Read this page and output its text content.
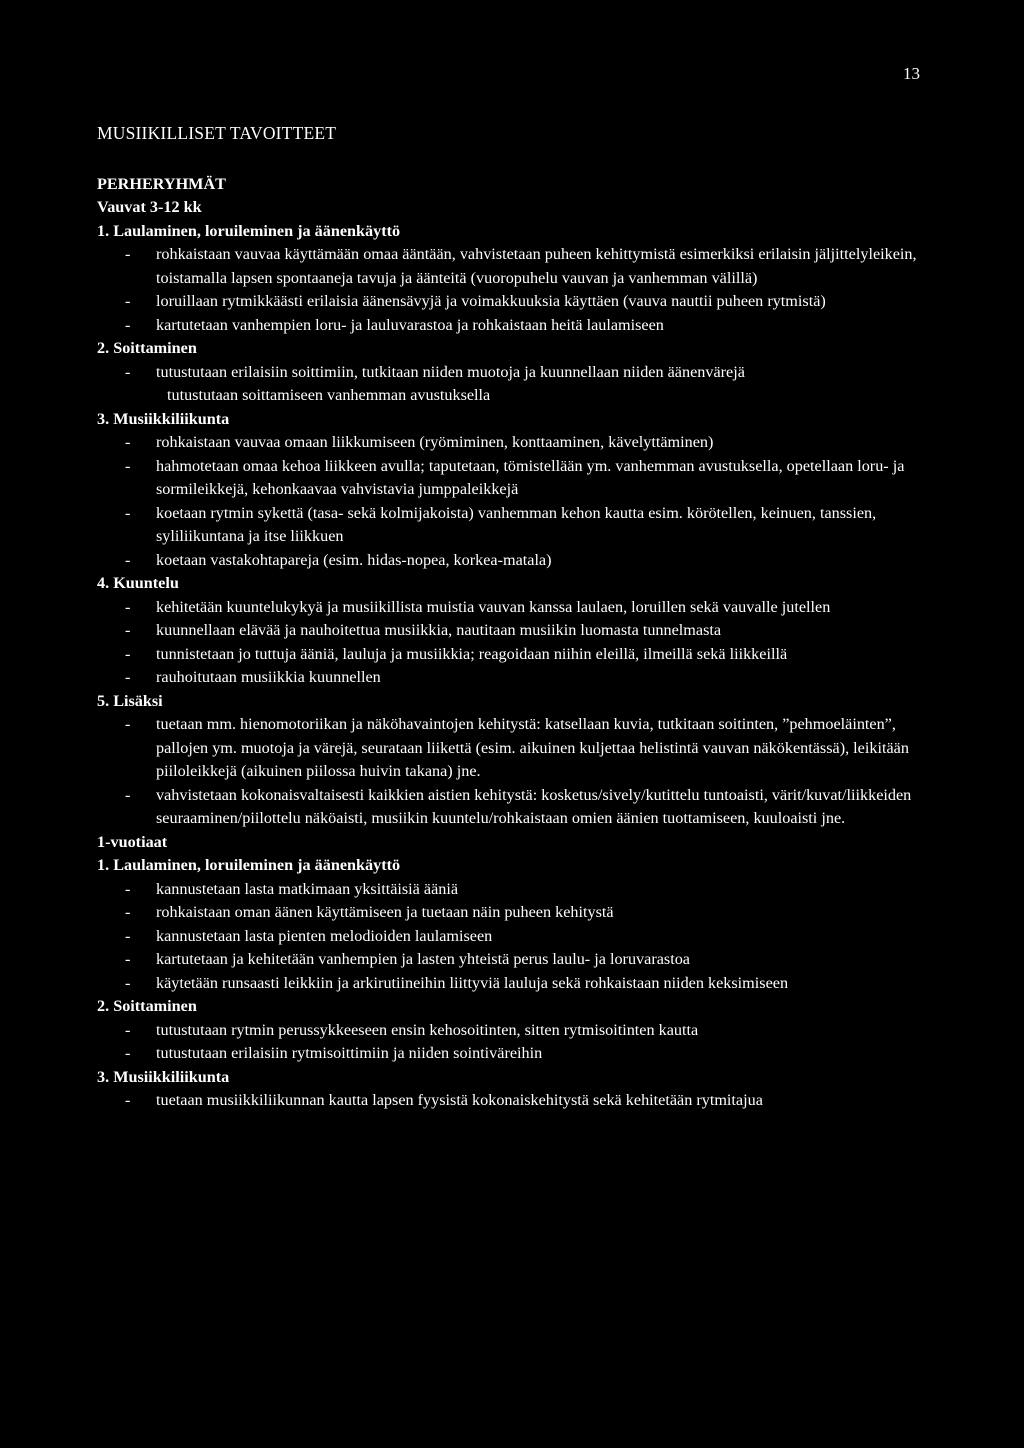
13
MUSIIKILLISET TAVOITTEET
PERHERYHMÄT
Vauvat 3-12 kk
1. Laulaminen, loruileminen ja äänenkäyttö
- rohkaistaan vauvaa käyttämään omaa ääntään, vahvistetaan puheen kehittymistä esimerkiksi erilaisin jäljittelyleikein, toistamalla lapsen spontaaneja tavuja ja äänteitä (vuoropuhelu vauvan ja vanhemman välillä)
- loruillaan rytmikkäästi erilaisia äänensävyjä ja voimakkuuksia käyttäen (vauva nauttii puheen rytmistä)
- kartutetaan vanhempien loru- ja lauluvarastoa ja rohkaistaan heitä laulamiseen
2. Soittaminen
- tutustutaan erilaisiin soittimiin, tutkitaan niiden muotoja ja kuunnellaan niiden äänenvärejä
tutustutaan soittamiseen vanhemman avustuksella
3. Musiikkiliikunta
- rohkaistaan vauvaa omaan liikkumiseen (ryömiminen, konttaaminen, kävelyttäminen)
- hahmotetaan omaa kehoa liikkeen avulla; taputetaan, tömistellään ym. vanhemman avustuksella, opetellaan loru- ja sormileikkejä, kehonkaavaa vahvistavia jumppaleikkejä
- koetaan rytmin sykettä (tasa- sekä kolmijakoista) vanhemman kehon kautta esim. körötellen, keinuen, tanssien, syliliikuntana ja itse liikkuen
- koetaan vastakohtapareja (esim. hidas-nopea, korkea-matala)
4. Kuuntelu
- kehitetään kuuntelukykyä ja musiikillista muistia vauvan kanssa laulaen, loruillen sekä vauvalle jutellen
- kuunnellaan elävää ja nauhoitettua musiikkia, nautitaan musiikin luomasta tunnelmasta
- tunnistetaan jo tuttuja ääniä, lauluja ja musiikkia; reagoidaan niihin eleillä, ilmeillä sekä liikkeillä
- rauhoitutaan musiikkia kuunnellen
5. Lisäksi
- tuetaan mm. hienomotoriikan ja näköhavaintojen kehitystä: katsellaan kuvia, tutkitaan soitinten, ”pehmoeläinten”, pallojen ym. muotoja ja värejä, seurataan liikettä (esim. aikuinen kuljettaa helistintä vauvan näkökentässä), leikitään piiloleikkejä (aikuinen piilossa huivin takana) jne.
- vahvistetaan kokonaisvaltaisesti kaikkien aistien kehitystä: kosketus/sively/kutittelu tuntoaisti, värit/kuvat/liikkeiden seuraaminen/piilottelu näköaisti, musiikin kuuntelu/rohkaistaan omien äänien tuottamiseen, kuuloaisti jne.
1-vuotiaat
1. Laulaminen, loruileminen ja äänenkäyttö
- kannustetaan lasta matkimaan yksittäisiä ääniä
- rohkaistaan oman äänen käyttämiseen ja tuetaan näin puheen kehitystä
- kannustetaan lasta pienten melodioiden laulamiseen
- kartutetaan ja kehitetään vanhempien ja lasten yhteistä perus laulu- ja loruvarastoa
- käytetään runsaasti leikkiin ja arkirutiineihin liittyviä lauluja sekä rohkaistaan niiden keksimiseen
2. Soittaminen
- tutustutaan rytmin perussykkeeseen ensin kehosoitinten, sitten rytmisoitinten kautta
- tutustutaan erilaisiin rytmisoittimiin ja niiden sointiväreihin
3. Musiikkiliikunta
- tuetaan musiikkiliikunnan kautta lapsen fyysistä kokonaiskehitystä sekä kehitetään rytmitajua
